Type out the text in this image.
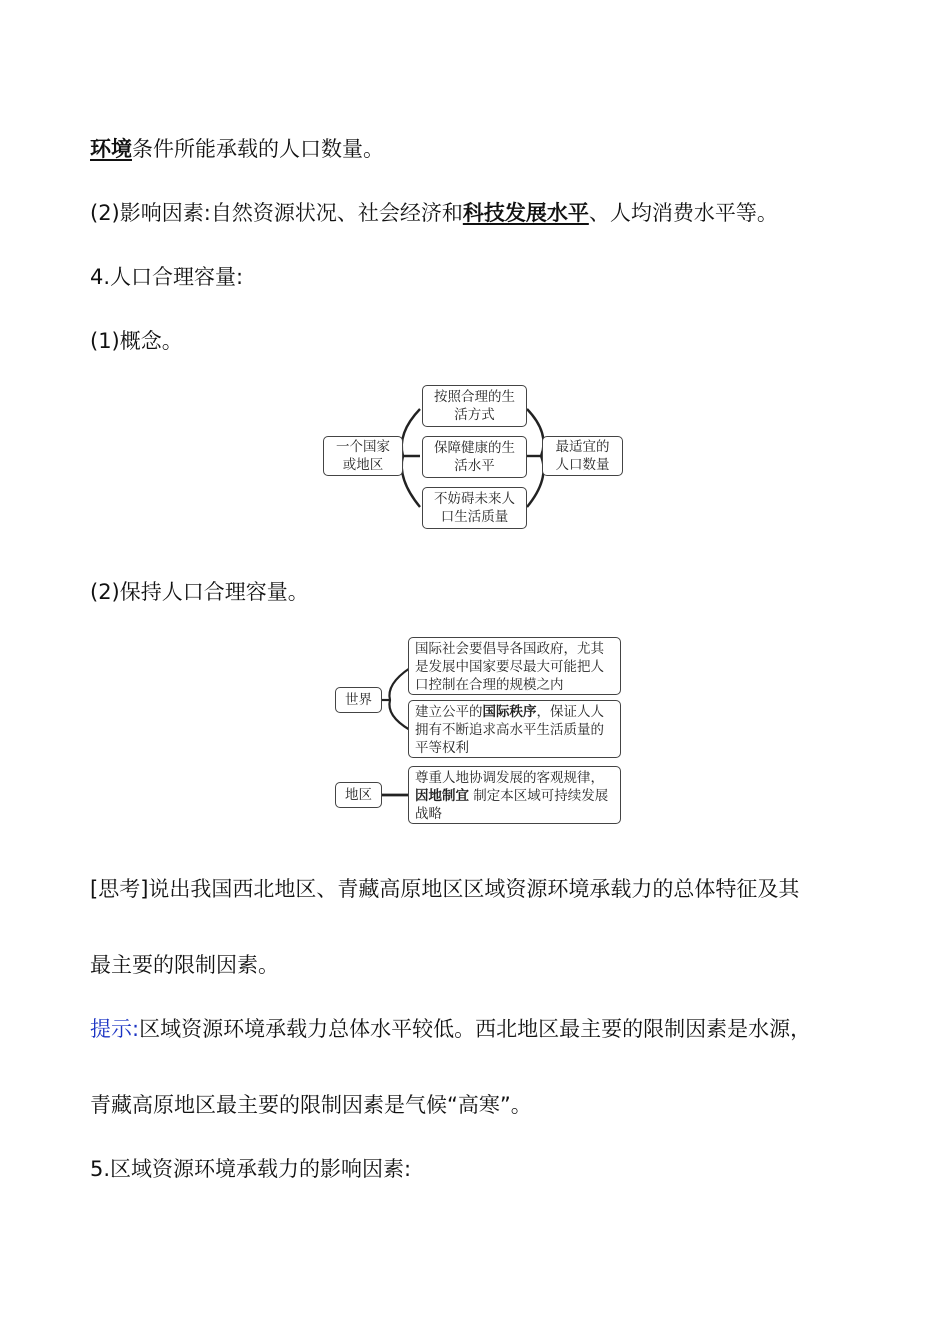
环境条件所能承载的人口数量。

(2)影响因素:自然资源状况、社会经济和科技发展水平、人均消费水平等。

4.人口合理容量:

(1)概念。

一个国家或地区
按照合理的生活方式
保障健康的生活水平
不妨碍未来人口生活质量
最适宜的人口数量

(2)保持人口合理容量。

世界
国际社会要倡导各国政府，尤其是发展中国家要尽最大可能把人口控制在合理的规模之内
建立公平的国际秩序，保证人人拥有不断追求高水平生活质量的平等权利
地区
尊重人地协调发展的客观规律，因地制宜 制定本区域可持续发展战略

[思考]说出我国西北地区、青藏高原地区区域资源环境承载力的总体特征及其

最主要的限制因素。

提示:区域资源环境承载力总体水平较低。西北地区最主要的限制因素是水源，

青藏高原地区最主要的限制因素是气候“高寒”。

5.区域资源环境承载力的影响因素:
